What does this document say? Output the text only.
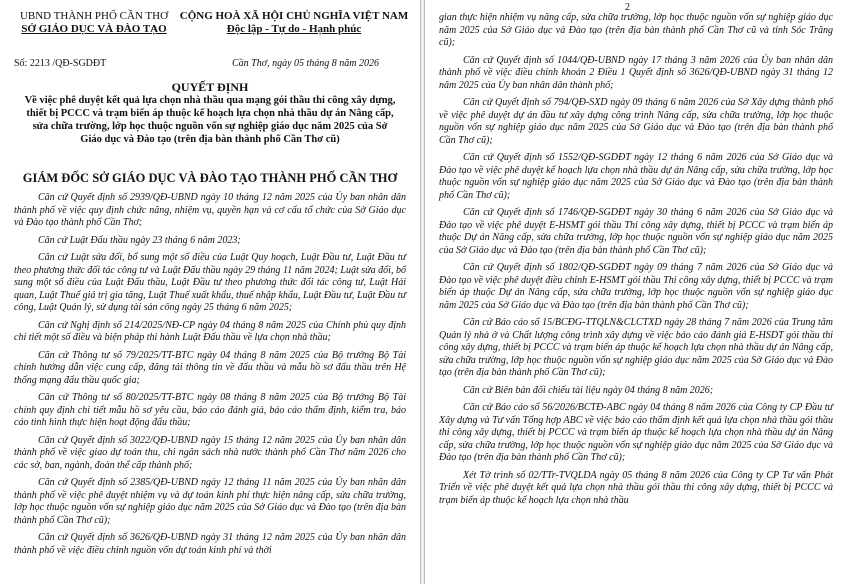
UBND THÀNH PHỐ CẦN THƠ
SỞ GIÁO DỤC VÀ ĐÀO TẠO
CỘNG HOÀ XÃ HỘI CHỦ NGHĨA VIỆT NAM
Độc lập - Tự do - Hạnh phúc
Số: 2213 /QĐ-SGDĐT	Cần Thơ, ngày 05 tháng 8 năm 2026
QUYẾT ĐỊNH
Về việc phê duyệt kết quả lựa chọn nhà thầu qua mạng gói thầu thi công xây dựng, thiết bị PCCC và trạm biến áp thuộc kế hoạch lựa chọn nhà thầu dự án Nâng cấp, sửa chữa trường, lớp học thuộc nguồn vốn sự nghiệp giáo dục năm 2025 của Sở Giáo dục và Đào tạo (trên địa bàn thành phố Cần Thơ cũ)
GIÁM ĐỐC SỞ GIÁO DỤC VÀ ĐÀO TẠO THÀNH PHỐ CẦN THƠ

Căn cứ Quyết định số 2939/QĐ-UBND ngày 10 tháng 12 năm 2025 của Ủy ban nhân dân thành phố về việc quy định chức năng, nhiệm vụ, quyền hạn và cơ cấu tổ chức của Sở Giáo dục và Đào tạo thành phố Cần Thơ;

Căn cứ Luật Đấu thầu ngày 23 tháng 6 năm 2023;

Căn cứ Luật sửa đổi, bổ sung một số điều của Luật Quy hoạch, Luật Đầu tư, Luật Đầu tư theo phương thức đối tác công tư và Luật Đấu thầu ngày 29 tháng 11 năm 2024; Luật sửa đổi, bổ sung một số điều của Luật Đấu thầu, Luật Đầu tư theo phương thức đối tác công tư, Luật Hải quan, Luật Thuế giá trị gia tăng, Luật Thuế xuất khẩu, thuế nhập khẩu, Luật Đầu tư, Luật Đầu tư công, Luật Quản lý, sử dụng tài sản công ngày 25 tháng 6 năm 2025;

Căn cứ Nghị định số 214/2025/NĐ-CP ngày 04 tháng 8 năm 2025 của Chính phủ quy định chi tiết một số điều và biện pháp thi hành Luật Đấu thầu về lựa chọn nhà thầu;

Căn cứ Thông tư số 79/2025/TT-BTC ngày 04 tháng 8 năm 2025 của Bộ trưởng Bộ Tài chính hướng dẫn việc cung cấp, đăng tải thông tin về đấu thầu và mẫu hồ sơ đấu thầu trên Hệ thống mạng đấu thầu quốc gia;

Căn cứ Thông tư số 80/2025/TT-BTC ngày 08 tháng 8 năm 2025 của Bộ trưởng Bộ Tài chính quy định chi tiết mẫu hồ sơ yêu cầu, báo cáo đánh giá, báo cáo thẩm định, kiểm tra, báo cáo tình hình thực hiện hoạt động đấu thầu;

Căn cứ Quyết định số 3022/QĐ-UBND ngày 15 tháng 12 năm 2025 của Ủy ban nhân dân thành phố về việc giao dự toán thu, chi ngân sách nhà nước thành phố Cần Thơ năm 2026 cho các sở, ban, ngành, đoàn thể cấp thành phố;

Căn cứ Quyết định số 2385/QĐ-UBND ngày 12 tháng 11 năm 2025 của Ủy ban nhân dân thành phố về việc phê duyệt nhiệm vụ và dự toán kinh phí thực hiện nâng cấp, sửa chữa trường, lớp học thuộc nguồn vốn sự nghiệp giáo dục năm 2025 của Sở Giáo dục và Đào tạo (trên địa bàn thành phố Cần Thơ cũ);

Căn cứ Quyết định số 3626/QĐ-UBND ngày 31 tháng 12 năm 2025 của Ủy ban nhân dân thành phố về việc điều chỉnh nguồn vốn dự toán kinh phí và thời

2

gian thực hiện nhiệm vụ nâng cấp, sửa chữa trường, lớp học thuộc nguồn vốn sự nghiệp giáo dục năm 2025 của Sở Giáo dục và Đào tạo (trên địa bàn thành phố Cần Thơ cũ và tỉnh Sóc Trăng cũ);

Căn cứ Quyết định số 1044/QĐ-UBND ngày 17 tháng 3 năm 2026 của Ủy ban nhân dân thành phố về việc điều chỉnh khoản 2 Điều 1 Quyết định số 3626/QĐ-UBND ngày 31 tháng 12 năm 2025 của Ủy ban nhân dân thành phố;

Căn cứ Quyết định số 794/QĐ-SXD ngày 09 tháng 6 năm 2026 của Sở Xây dựng thành phố về việc phê duyệt dự án đầu tư xây dựng công trình Nâng cấp, sửa chữa trường, lớp học thuộc nguồn vốn sự nghiệp giáo dục năm 2025 của Sở Giáo dục và Đào tạo (trên địa bàn thành phố Cần Thơ cũ);

Căn cứ Quyết định số 1552/QĐ-SGDĐT ngày 12 tháng 6 năm 2026 của Sở Giáo dục và Đào tạo về việc phê duyệt kế hoạch lựa chọn nhà thầu dự án Nâng cấp, sửa chữa trường, lớp học thuộc nguồn vốn sự nghiệp giáo dục năm 2025 của Sở Giáo dục và Đào tạo (trên địa bàn thành phố Cần Thơ cũ);

Căn cứ Quyết định số 1746/QĐ-SGDĐT ngày 30 tháng 6 năm 2026 của Sở Giáo dục và Đào tạo về việc phê duyệt E-HSMT gói thầu Thi công xây dựng, thiết bị PCCC và trạm biến áp thuộc Dự án Nâng cấp, sửa chữa trường, lớp học thuộc nguồn vốn sự nghiệp giáo dục năm 2025 của Sở Giáo dục và Đào tạo (trên địa bàn thành phố Cần Thơ cũ);

Căn cứ Quyết định số 1802/QĐ-SGDĐT ngày 09 tháng 7 năm 2026 của Sở Giáo dục và Đào tạo về việc phê duyệt điều chỉnh E-HSMT gói thầu Thi công xây dựng, thiết bị PCCC và trạm biến áp thuộc Dự án Nâng cấp, sửa chữa trường, lớp học thuộc nguồn vốn sự nghiệp giáo dục năm 2025 của Sở Giáo dục và Đào tạo (trên địa bàn thành phố Cần Thơ cũ);

Căn cứ Báo cáo số 15/BCĐG-TTQLN&CLCTXD ngày 28 tháng 7 năm 2026 của Trung tâm Quản lý nhà ở và Chất lượng công trình xây dựng về việc báo cáo đánh giá E-HSDT gói thầu thi công xây dựng, thiết bị PCCC và trạm biến áp thuộc kế hoạch lựa chọn nhà thầu dự án Nâng cấp, sửa chữa trường, lớp học thuộc nguồn vốn sự nghiệp giáo dục năm 2025 của Sở Giáo dục và Đào tạo (trên địa bàn thành phố Cần Thơ cũ);

Căn cứ Biên bản đối chiếu tài liệu ngày 04 tháng 8 năm 2026;

Căn cứ Báo cáo số 56/2026/BCTĐ-ABC ngày 04 tháng 8 năm 2026 của Công ty CP Đầu tư Xây dựng và Tư vấn Tổng hợp ABC về việc báo cáo thẩm định kết quả lựa chọn nhà thầu gói thầu thi công xây dựng, thiết bị PCCC và trạm biến áp thuộc kế hoạch lựa chọn nhà thầu dự án Nâng cấp, sửa chữa trường, lớp học thuộc nguồn vốn sự nghiệp giáo dục năm 2025 của Sở Giáo dục và Đào tạo (trên địa bàn thành phố Cần Thơ cũ);

Xét Tờ trình số 02/TTr-TVQLDA ngày 05 tháng 8 năm 2026 của Công ty CP Tư vấn Phát Triển về việc phê duyệt kết quả lựa chọn nhà thầu gói thầu thi công xây dựng, thiết bị PCCC và trạm biến áp thuộc kế hoạch lựa chọn nhà thầu
